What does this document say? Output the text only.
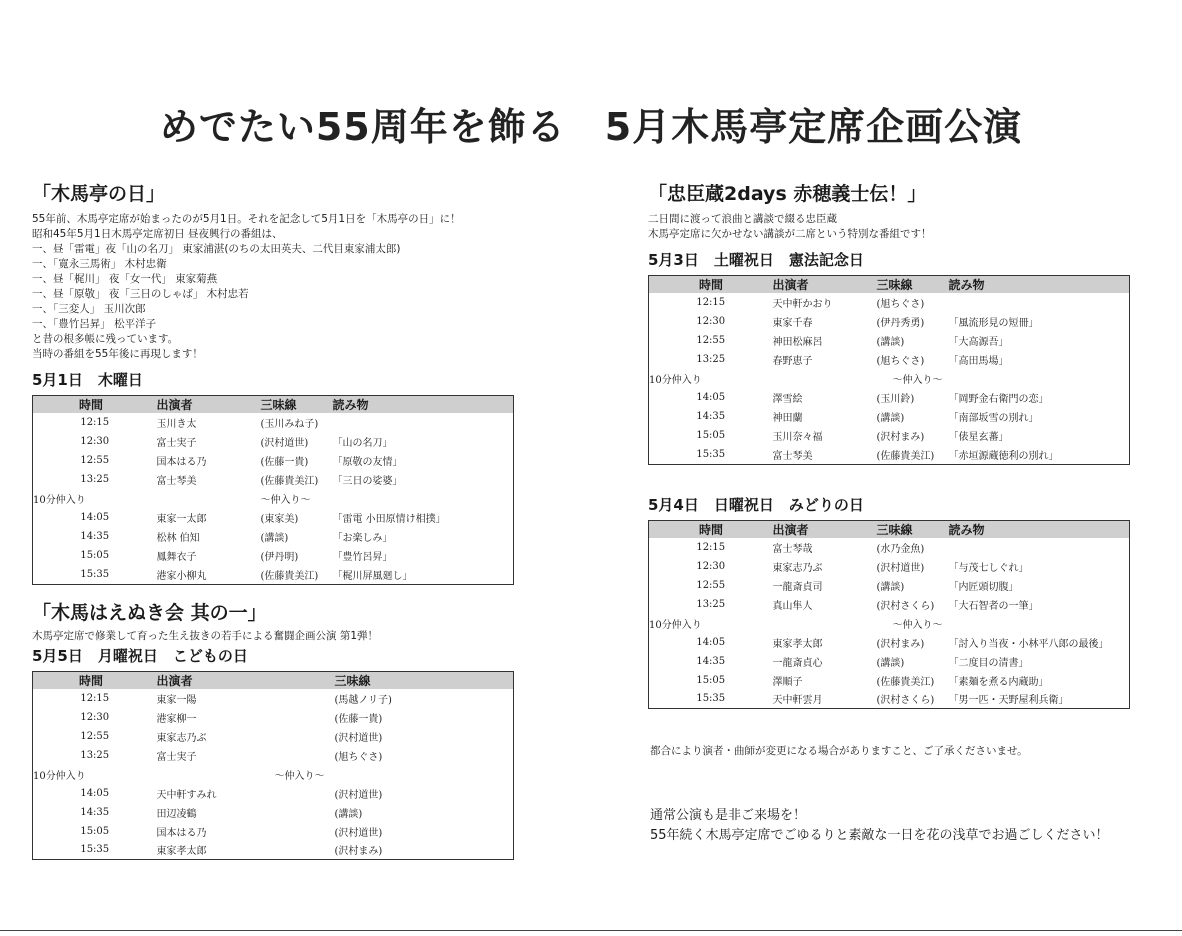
めでたい55周年を飾る　5月木馬亭定席企画公演
「木馬亭の日」
55年前、木馬亭定席が始まったのが5月1日。それを記念して5月1日を「木馬亭の日」に！
昭和45年5月1日木馬亭定席初日 昼夜興行の番組は、
一、昼「雷電」夜「山の名刀」 東家浦湛(のちの太田英夫、二代目東家浦太郎)
一、「寛永三馬術」 木村忠衛
一、昼「梶川」 夜「女一代」 東家菊燕
一、昼「原敬」 夜「三日のしゃば」 木村忠若
一、「三変人」 玉川次郎
一、「豊竹呂昇」 松平洋子
と昔の根多帳に残っています。
当時の番組を55年後に再現します！
5月1日　木曜日
時間	出演者	三味線	読み物
12:15	玉川き太	(玉川みね子)	
12:30	富士実子	(沢村道世)	「山の名刀」
12:55	国本はる乃	(佐藤一貴)	「原敬の友情」
13:25	富士琴美	(佐藤貴美江)	「三日の娑婆」
10分仲入り		～仲入り～	
14:05	東家一太郎	(東家美)	「雷電 小田原情け相撲」
14:35	松林 伯知	(講談)	「お楽しみ」
15:05	鳳舞衣子	(伊丹明)	「豊竹呂昇」
15:35	港家小柳丸	(佐藤貴美江)	「梶川屏風廻し」
「木馬はえぬき会 其の一」
木馬亭定席で修業して育った生え抜きの若手による奮闘企画公演 第1弾！
5月5日　月曜祝日　こどもの日
時間	出演者	三味線
12:15	東家一陽	(馬越ノリ子)
12:30	港家柳一	(佐藤一貴)
12:55	東家志乃ぶ	(沢村道世)
13:25	富士実子	(旭ちぐさ)
10分仲入り	～仲入り～	
14:05	天中軒すみれ	(沢村道世)
14:35	田辺凌鶴	(講談)
15:05	国本はる乃	(沢村道世)
15:35	東家孝太郎	(沢村まみ)
「忠臣蔵2days 赤穂義士伝！」
二日間に渡って浪曲と講談で綴る忠臣蔵
木馬亭定席に欠かせない講談が二席という特別な番組です！
5月3日　土曜祝日　憲法記念日
時間	出演者	三味線	読み物
12:15	天中軒かおり	(旭ちぐさ)	
12:30	東家千春	(伊丹秀勇)	「風流形見の短冊」
12:55	神田松麻呂	(講談)	「大高源吾」
13:25	春野恵子	(旭ちぐさ)	「高田馬場」
10分仲入り		～仲入り～	
14:05	澤雪絵	(玉川鈴)	「岡野金右衛門の恋」
14:35	神田蘭	(講談)	「南部坂雪の別れ」
15:05	玉川奈々福	(沢村まみ)	「俵星玄蕃」
15:35	富士琴美	(佐藤貴美江)	「赤垣源蔵徳利の別れ」
5月4日　日曜祝日　みどりの日
時間	出演者	三味線	読み物
12:15	富士琴哉	(水乃金魚)	
12:30	東家志乃ぶ	(沢村道世)	「与茂七しぐれ」
12:55	一龍斎貞司	(講談)	「内匠頭切腹」
13:25	真山隼人	(沢村さくら)	「大石智者の一筆」
10分仲入り		～仲入り～	
14:05	東家孝太郎	(沢村まみ)	「討入り当夜・小林平八郎の最後」
14:35	一龍斎貞心	(講談)	「二度目の清書」
15:05	澤順子	(佐藤貴美江)	「素麺を煮る内蔵助」
15:35	天中軒雲月	(沢村さくら)	「男一匹・天野屋利兵衛」
都合により演者・曲師が変更になる場合がありますこと、ご了承くださいませ。
通常公演も是非ご来場を！
55年続く木馬亭定席でごゆるりと素敵な一日を花の浅草でお過ごしください！
